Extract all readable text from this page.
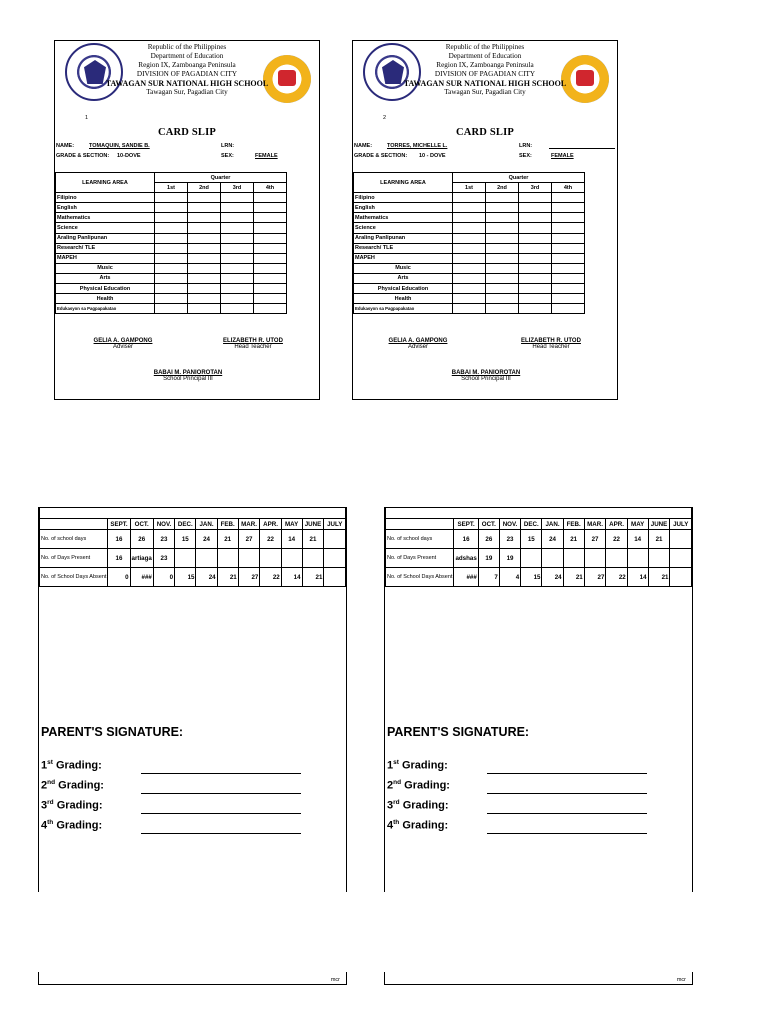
Republic of the Philippines
Department of Education
Region IX, Zamboanga Peninsula
DIVISION OF PAGADIAN CITY
TAWAGAN SUR NATIONAL HIGH SCHOOL
Tawagan Sur, Pagadian City
1
CARD SLIP
NAME:	TOMAQUIN, SANDIE B.	LRN:
GRADE & SECTION: 10-DOVE	SEX:	FEMALE
LEARNING AREA	Quarter			
	1st	2nd	3rd	4th
Filipino				
English				
Mathematics				
Science				
Araling Panlipunan				
Research/ TLE				
MAPEH				
Music				
Arts				
Physical Education				
Health				
Edukasyon sa Pagpapakatao				
GELIA A. GAMPONG
Adviser
ELIZABETH R. UTOD
Head Teacher
BABAI M. PANIOROTAN
School Principal III
Republic of the Philippines
Department of Education
Region IX, Zamboanga Peninsula
DIVISION OF PAGADIAN CITY
TAWAGAN SUR NATIONAL HIGH SCHOOL
Tawagan Sur, Pagadian City
2
CARD SLIP
NAME:	TORRES, MICHELLE L.	LRN:
GRADE & SECTION: 10 - DOVE	SEX:	FEMALE
LEARNING AREA	Quarter			
	1st	2nd	3rd	4th
Filipino				
English				
Mathematics				
Science				
Araling Panlipunan				
Research/ TLE				
MAPEH				
Music				
Arts				
Physical Education				
Health				
Edukasyon sa Pagpapakatao				
GELIA A. GAMPONG
Adviser
ELIZABETH R. UTOD
Head Teacher
BABAI M. PANIOROTAN
School Principal III

	SEPT.	OCT.	NOV.	DEC.	JAN.	FEB.	MAR.	APR.	MAY	JUNE	JULY
No. of school days	16	26	23	15	24	21	27	22	14	21	
No. of Days Present	16	artiaga	23								
No. of School Days Absent	0	###	0	15	24	21	27	22	14	21	
PARENT'S SIGNATURE:
1st Grading:
2nd Grading:
3rd Grading:
4th Grading:

	SEPT.	OCT.	NOV.	DEC.	JAN.	FEB.	MAR.	APR.	MAY	JUNE	JULY
No. of school days	16	26	23	15	24	21	27	22	14	21	
No. of Days Present	adshas	19	19								
No. of School Days Absent	###	7	4	15	24	21	27	22	14	21	
PARENT'S SIGNATURE:
1st Grading:
2nd Grading:
3rd Grading:
4th Grading:
mcr	mcr
